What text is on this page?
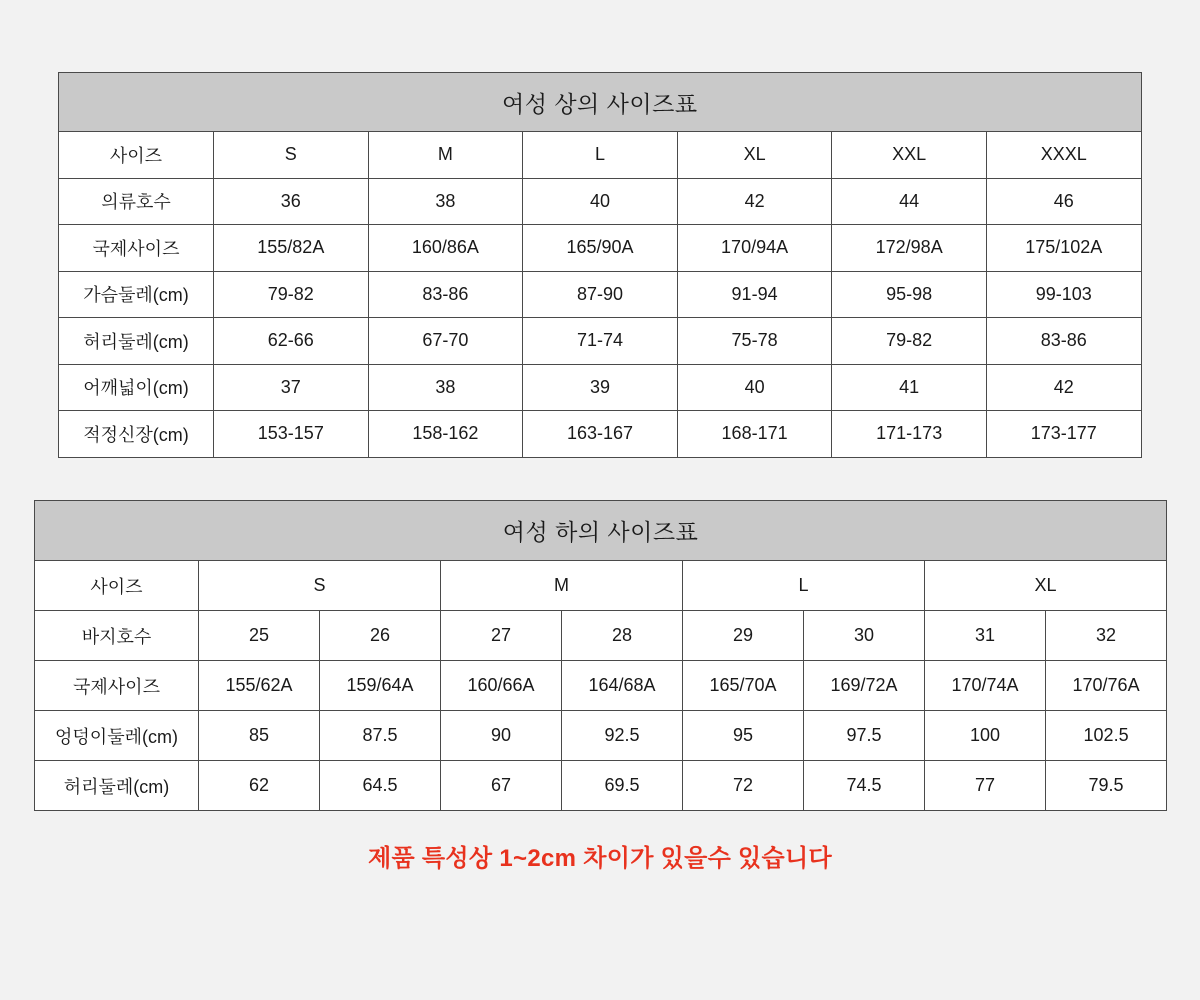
여성 상의 사이즈표						
사이즈	S	M	L	XL	XXL	XXXL
의류호수	36	38	40	42	44	46
국제사이즈	155/82A	160/86A	165/90A	170/94A	172/98A	175/102A
가슴둘레(cm)	79-82	83-86	87-90	91-94	95-98	99-103
허리둘레(cm)	62-66	67-70	71-74	75-78	79-82	83-86
어깨넓이(cm)	37	38	39	40	41	42
적정신장(cm)	153-157	158-162	163-167	168-171	171-173	173-177
여성 하의 사이즈표								
사이즈	S		M		L		XL	
바지호수	25	26	27	28	29	30	31	32
국제사이즈	155/62A	159/64A	160/66A	164/68A	165/70A	169/72A	170/74A	170/76A
엉덩이둘레(cm)	85	87.5	90	92.5	95	97.5	100	102.5
허리둘레(cm)	62	64.5	67	69.5	72	74.5	77	79.5
제품 특성상 1~2cm 차이가 있을수 있습니다
